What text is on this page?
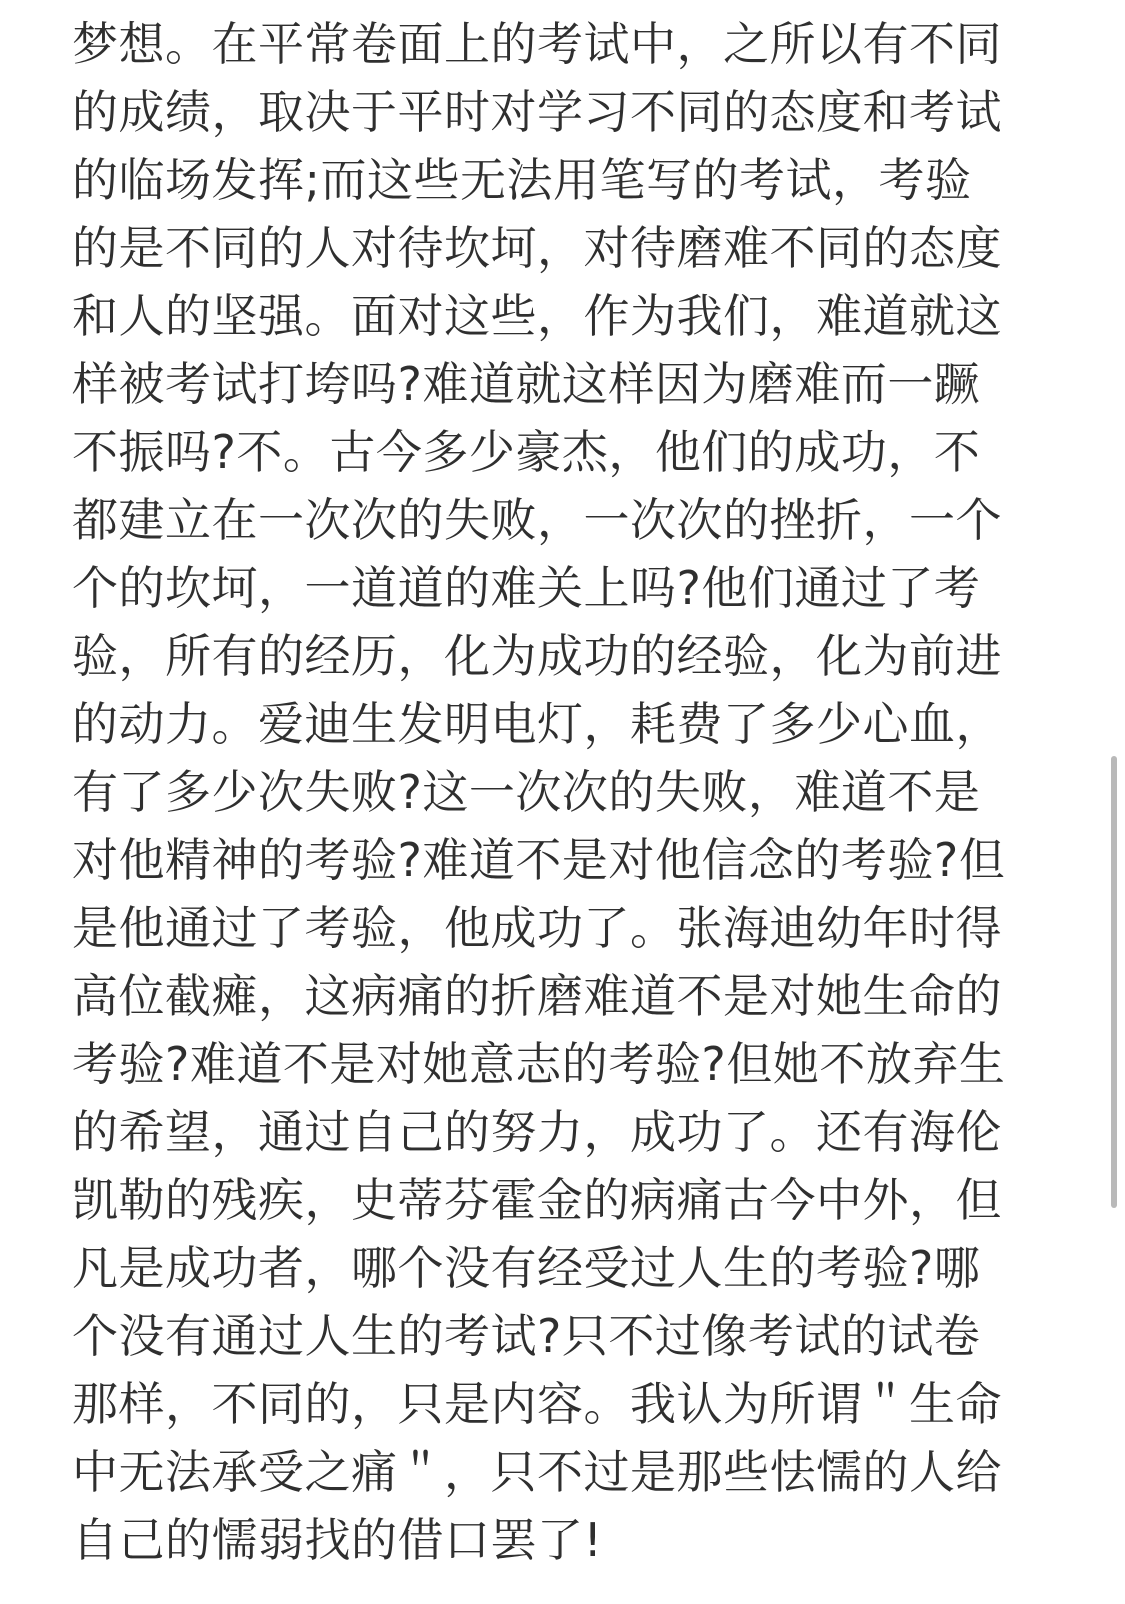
梦想。在平常卷面上的考试中，之所以有不同
的成绩，取决于平时对学习不同的态度和考试
的临场发挥;而这些无法用笔写的考试，考验
的是不同的人对待坎坷，对待磨难不同的态度
和人的坚强。面对这些，作为我们，难道就这
样被考试打垮吗?难道就这样因为磨难而一蹶
不振吗?不。古今多少豪杰，他们的成功，不
都建立在一次次的失败，一次次的挫折，一个
个的坎坷，一道道的难关上吗?他们通过了考
验，所有的经历，化为成功的经验，化为前进
的动力。爱迪生发明电灯，耗费了多少心血，
有了多少次失败?这一次次的失败，难道不是
对他精神的考验?难道不是对他信念的考验?但
是他通过了考验，他成功了。张海迪幼年时得
高位截瘫，这病痛的折磨难道不是对她生命的
考验?难道不是对她意志的考验?但她不放弃生
的希望，通过自己的努力，成功了。还有海伦
凯勒的残疾，史蒂芬霍金的病痛古今中外，但
凡是成功者，哪个没有经受过人生的考验?哪
个没有通过人生的考试?只不过像考试的试卷
那样，不同的，只是内容。我认为所谓＂生命
中无法承受之痛＂，只不过是那些怯懦的人给
自己的懦弱找的借口罢了!
